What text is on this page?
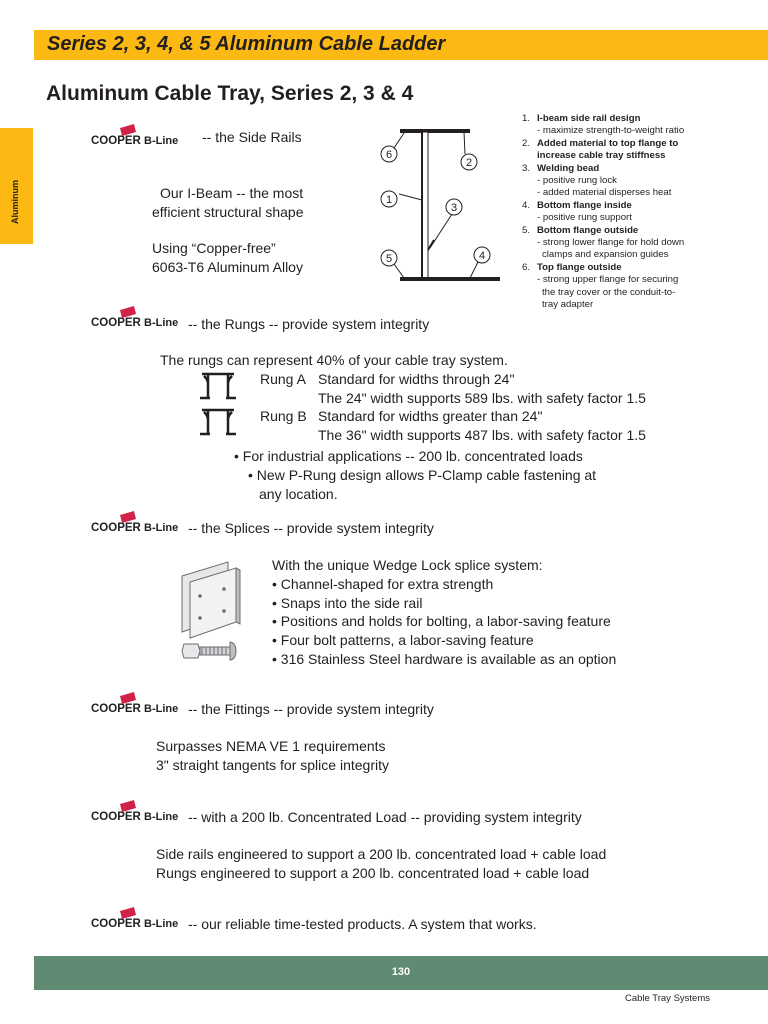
Series 2, 3, 4, & 5 Aluminum Cable Ladder
Aluminum Cable Tray, Series 2, 3 & 4
Aluminum
COOPER B-Line -- the Side Rails
Our I-Beam -- the most
efficient structural shape
Using “Copper-free”
6063-T6 Aluminum Alloy
6
2
1
3
5	4
1. I-beam side rail design
- maximize strength-to-weight ratio
2. Added material to top flange to
increase cable tray stiffness
3. Welding bead
- positive rung lock
- added material disperses heat
4. Bottom flange inside
- positive rung support
5. Bottom flange outside
- strong lower flange for hold down
clamps and expansion guides
6. Top flange outside
- strong upper flange for securing
the tray cover or the conduit-to-
tray adapter
COOPER B-Line -- the Rungs -- provide system integrity
The rungs can represent 40% of your cable tray system.
Rung A Standard for widths through 24"
The 24" width supports 589 lbs. with safety factor 1.5
Rung B Standard for widths greater than 24"
The 36" width supports 487 lbs. with safety factor 1.5
• For industrial applications -- 200 lb. concentrated loads
• New P-Rung design allows P-Clamp cable fastening at
any location.
COOPER B-Line -- the Splices -- provide system integrity
With the unique Wedge Lock splice system:
• Channel-shaped for extra strength
• Snaps into the side rail
• Positions and holds for bolting, a labor-saving feature
• Four bolt patterns, a labor-saving feature
• 316 Stainless Steel hardware is available as an option
COOPER B-Line -- the Fittings -- provide system integrity
Surpasses NEMA VE 1 requirements
3" straight tangents for splice integrity
COOPER B-Line -- with a 200 lb. Concentrated Load -- providing system integrity
Side rails engineered to support a 200 lb. concentrated load + cable load
Rungs engineered to support a 200 lb. concentrated load + cable load
COOPER B-Line -- our reliable time-tested products. A system that works.
130
Cable Tray Systems
